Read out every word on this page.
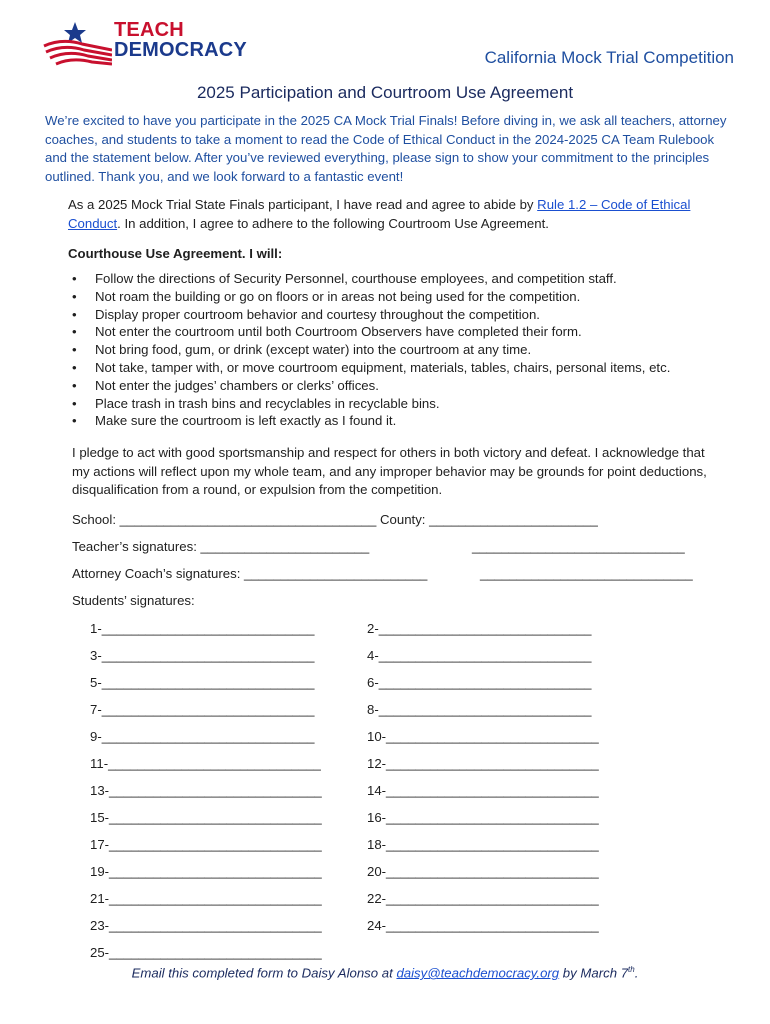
TEACH
DEMOCRACY	California Mock Trial Competition
2025 Participation and Courtroom Use Agreement
We’re excited to have you participate in the 2025 CA Mock Trial Finals! Before diving in, we ask all teachers, attorney coaches, and students to take a moment to read the Code of Ethical Conduct in the 2024-2025 CA Team Rulebook and the statement below. After you’ve reviewed everything, please sign to show your commitment to the principles outlined. Thank you, and we look forward to a fantastic event!
As a 2025 Mock Trial State Finals participant, I have read and agree to abide by Rule 1.2 – Code of Ethical Conduct. In addition, I agree to adhere to the following Courtroom Use Agreement.
Courthouse Use Agreement. I will:
• Follow the directions of Security Personnel, courthouse employees, and competition staff.
• Not roam the building or go on floors or in areas not being used for the competition.
• Display proper courtroom behavior and courtesy throughout the competition.
• Not enter the courtroom until both Courtroom Observers have completed their form.
• Not bring food, gum, or drink (except water) into the courtroom at any time.
• Not take, tamper with, or move courtroom equipment, materials, tables, chairs, personal items, etc.
• Not enter the judges’ chambers or clerks’ offices.
• Place trash in trash bins and recyclables in recyclable bins.
• Make sure the courtroom is left exactly as I found it.
I pledge to act with good sportsmanship and respect for others in both victory and defeat. I acknowledge that my actions will reflect upon my whole team, and any improper behavior may be grounds for point deductions, disqualification from a round, or expulsion from the competition.
School: ___________________________________ County: _______________________
Teacher’s signatures: _______________________	_____________________________
Attorney Coach’s signatures: _________________________	_____________________________
Students’ signatures:
1-_____________________________	2-_____________________________
3-_____________________________	4-_____________________________
5-_____________________________	6-_____________________________
7-_____________________________	8-_____________________________
9-_____________________________	10-_____________________________
11-_____________________________	12-_____________________________
13-_____________________________	14-_____________________________
15-_____________________________	16-_____________________________
17-_____________________________	18-_____________________________
19-_____________________________	20-_____________________________
21-_____________________________	22-_____________________________
23-_____________________________	24-_____________________________
25-_____________________________
Email this completed form to Daisy Alonso at daisy@teachdemocracy.org by March 7th.
